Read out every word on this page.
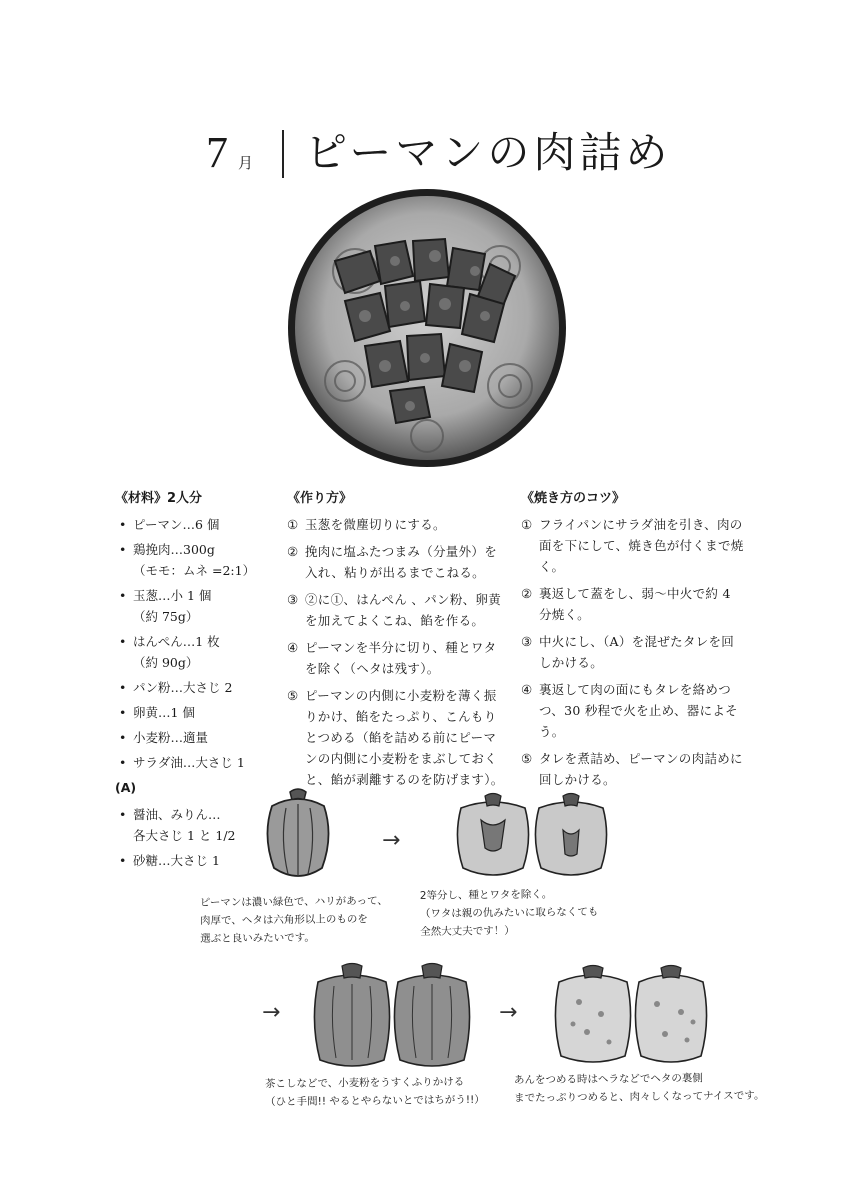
7 月 ピーマンの肉詰め
《材料》2人分
• ピーマン…6 個
• 鶏挽肉…300g
（モモ：ムネ =2:1）
• 玉葱…小 1 個
（約 75g）
• はんぺん…1 枚
（約 90g）
• パン粉…大さじ 2
• 卵黄…1 個
• 小麦粉…適量
• サラダ油…大さじ 1
(A)
• 醤油、みりん…
各大さじ 1 と 1/2
• 砂糖…大さじ 1
《作り方》
① 玉葱を微塵切りにする。
② 挽肉に塩ふたつまみ（分量外）を入れ、粘りが出るまでこねる。
③ ②に①、はんぺん 、パン粉、卵黄を加えてよくこね、餡を作る。
④ ピーマンを半分に切り、種とワタを除く（ヘタは残す）。
⑤ ピーマンの内側に小麦粉を薄く振りかけ、餡をたっぷり、こんもりとつめる（餡を詰める前にピーマンの内側に小麦粉をまぶしておくと、餡が剥離するのを防げます）。
《焼き方のコツ》
① フライパンにサラダ油を引き、肉の面を下にして、焼き色が付くまで焼く。
② 裏返して蓋をし、弱～中火で約 4 分焼く。
③ 中火にし、（A）を混ぜたタレを回しかける。
④ 裏返して肉の面にもタレを絡めつつ、30 秒程で火を止め、器によそう。
⑤ タレを煮詰め、ピーマンの肉詰めに回しかける。
→
ピーマンは濃い緑色で、ハリがあって、
肉厚で、ヘタは六角形以上のものを
選ぶと良いみたいです。
2等分し、種とワタを除く。
（ワタは親の仇みたいに取らなくても
全然大丈夫です！）
→	→
茶こしなどで、小麦粉をうすくふりかける
（ひと手間!! やるとやらないとではちがう!!）
あんをつめる時はヘラなどでヘタの裏側
までたっぷりつめると、肉々しくなってナイスです。
